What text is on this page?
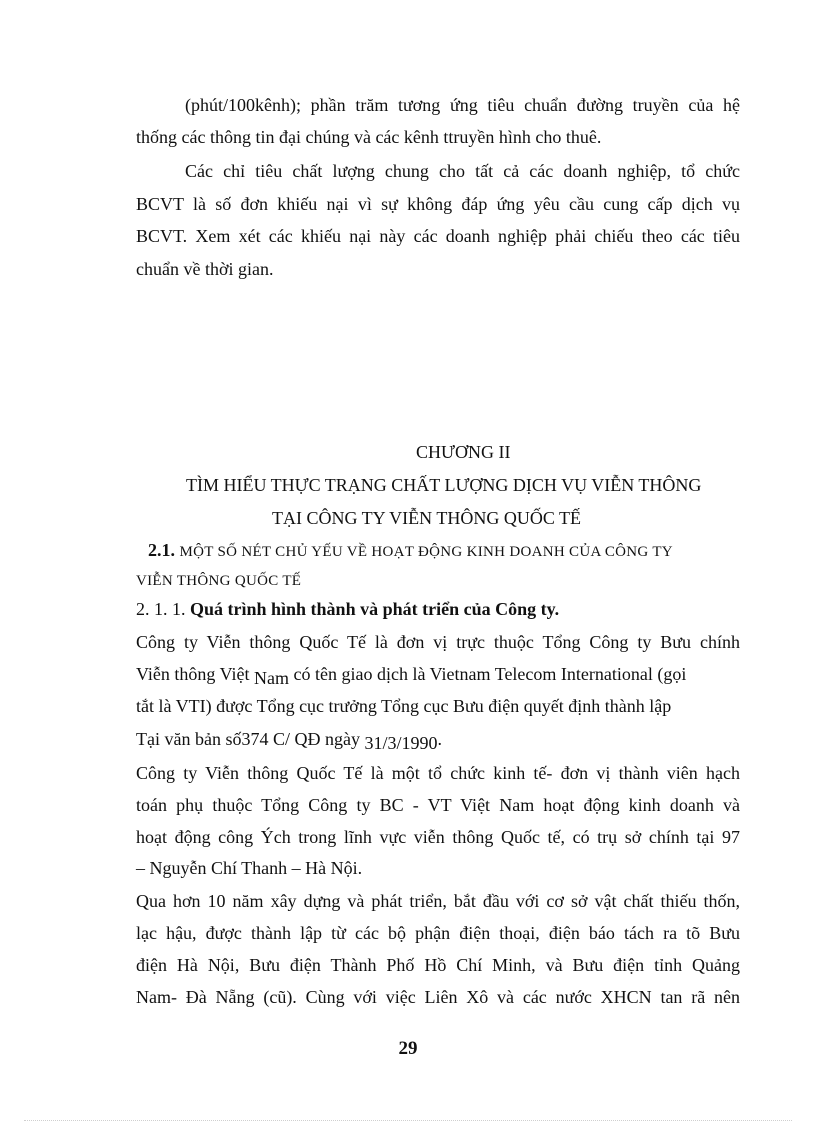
(phút/100kênh); phần trăm tương ứng tiêu chuẩn đường truyền của hệ
thống các thông tin đại chúng và các kênh ttruyền hình cho thuê.
Các chỉ tiêu chất lượng chung cho tất cả các doanh nghiệp, tổ chức
BCVT là số đơn khiếu nại vì sự không đáp ứng yêu cầu cung cấp dịch vụ
BCVT. Xem xét các khiếu nại này các doanh nghiệp phải chiếu theo các tiêu
chuẩn về thời gian.
CHƯƠNG II
TÌM HIỂU THỰC TRẠNG CHẤT LƯỢNG DỊCH VỤ VIỄN THÔNG
TẠI CÔNG TY VIỄN THÔNG QUỐC TẾ
2.1. MỘT SỐ NÉT CHỦ YẾU VỀ HOẠT ĐỘNG KINH DOANH CỦA CÔNG TY
VIỄN THÔNG QUỐC TẾ
2. 1. 1. Quá trình hình thành và phát triển của Công ty.
Công ty Viễn thông Quốc Tế là đơn vị trực thuộc Tổng Công ty Bưu chính
Viễn thông Việt Nam có tên giao dịch là Vietnam Telecom International (gọi
tắt là VTI) được Tổng cục trưởng Tổng cục Bưu điện quyết định thành lập
Tại văn bản số374 C/ QĐ ngày 31/3/1990.
Công ty Viễn thông Quốc Tế là một tổ chức kinh tế- đơn vị thành viên hạch
toán phụ thuộc Tổng Công ty BC - VT Việt Nam hoạt động kinh doanh và
hoạt động công Ých trong lĩnh vực viễn thông Quốc tế, có trụ sở chính tại 97
– Nguyễn Chí Thanh – Hà Nội.
Qua hơn 10 năm xây dựng và phát triển, bắt đầu với cơ sở vật chất thiếu thốn,
lạc hậu, được thành lập từ các bộ phận điện thoại, điện báo tách ra tõ Bưu
điện Hà Nội, Bưu điện Thành Phố Hồ Chí Minh, và Bưu điện tỉnh Quảng
Nam- Đà Nẵng (cũ). Cùng với việc Liên Xô và các nước XHCN tan rã nên
29
